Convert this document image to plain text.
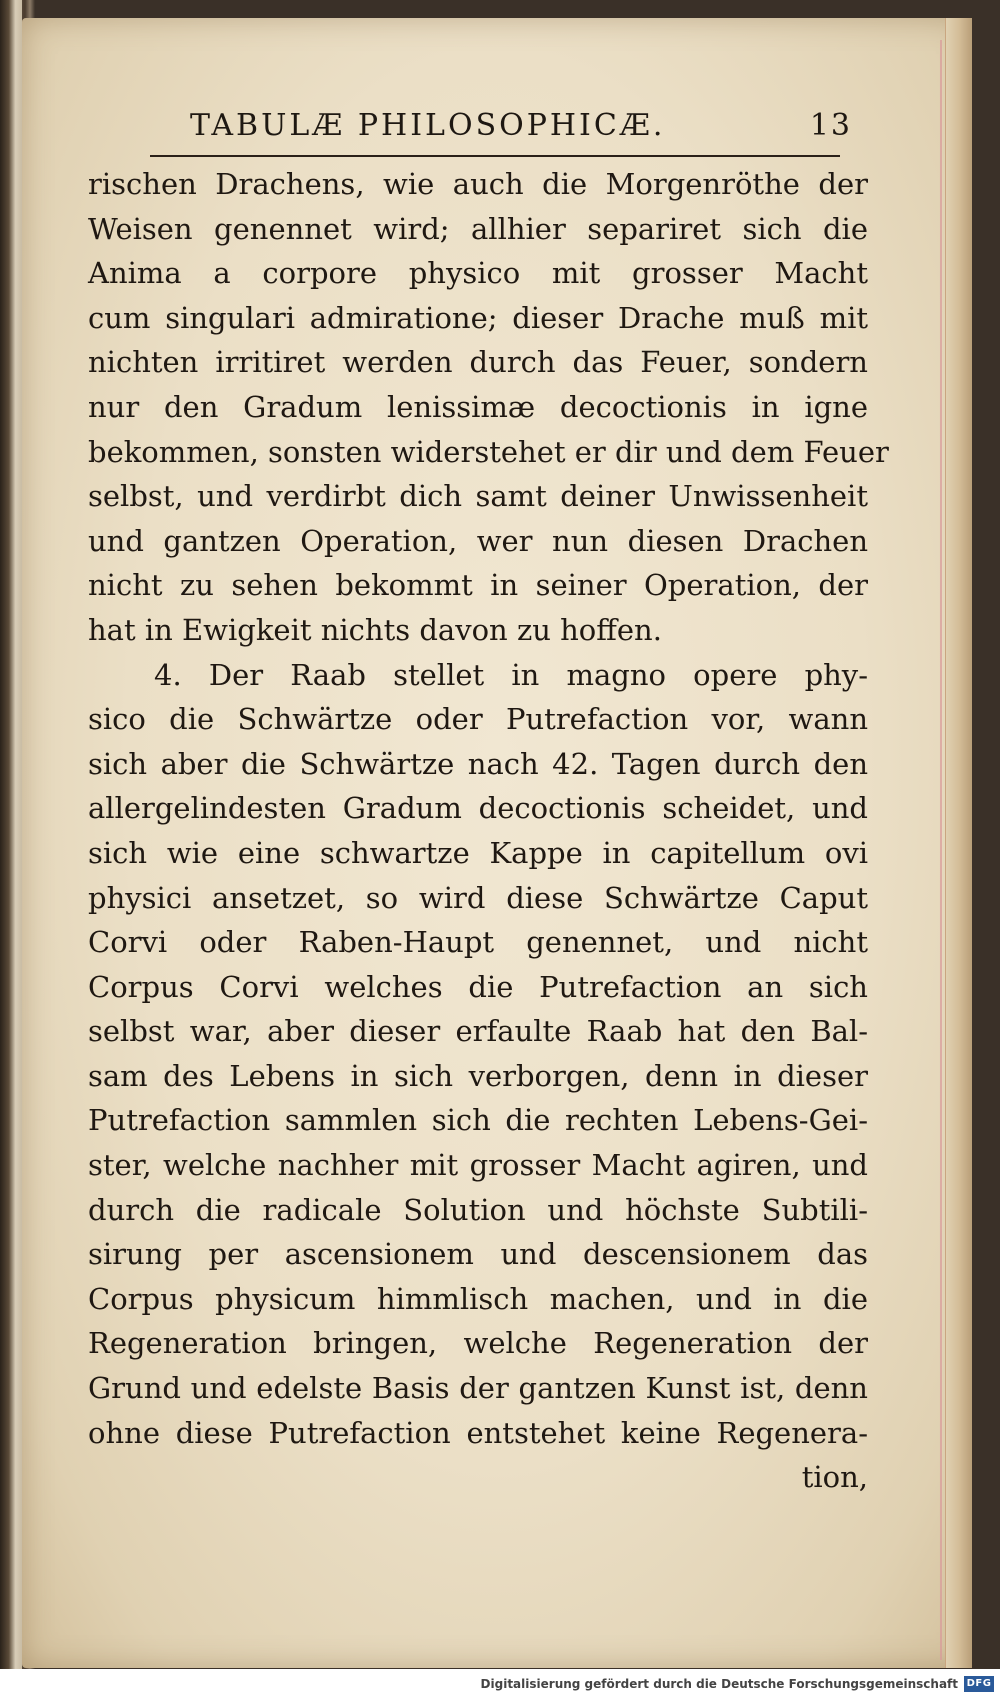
TABULÆ PHILOSOPHICÆ.	13
rischen Drachens, wie auch die Morgenröthe der
Weisen genennet wird; allhier separiret sich die
Anima a corpore physico mit grosser Macht
cum singulari admiratione; dieser Drache muß mit
nichten irritiret werden durch das Feuer, sondern
nur den Gradum lenissimæ decoctionis in igne
bekommen, sonsten widerstehet er dir und dem Feuer
selbst, und verdirbt dich samt deiner Unwissenheit
und gantzen Operation, wer nun diesen Drachen
nicht zu sehen bekommt in seiner Operation, der
hat in Ewigkeit nichts davon zu hoffen.
4. Der Raab stellet in magno opere phy-
sico die Schwärtze oder Putrefaction vor, wann
sich aber die Schwärtze nach 42. Tagen durch den
allergelindesten Gradum decoctionis scheidet, und
sich wie eine schwartze Kappe in capitellum ovi
physici ansetzet, so wird diese Schwärtze Caput
Corvi oder Raben-Haupt genennet, und nicht
Corpus Corvi welches die Putrefaction an sich
selbst war, aber dieser erfaulte Raab hat den Bal-
sam des Lebens in sich verborgen, denn in dieser
Putrefaction sammlen sich die rechten Lebens-Gei-
ster, welche nachher mit grosser Macht agiren, und
durch die radicale Solution und höchste Subtili-
sirung per ascensionem und descensionem das
Corpus physicum himmlisch machen, und in die
Regeneration bringen, welche Regeneration der
Grund und edelste Basis der gantzen Kunst ist, denn
ohne diese Putrefaction entstehet keine Regenera-
tion,
Digitalisierung gefördert durch die Deutsche Forschungsgemeinschaft DFG
